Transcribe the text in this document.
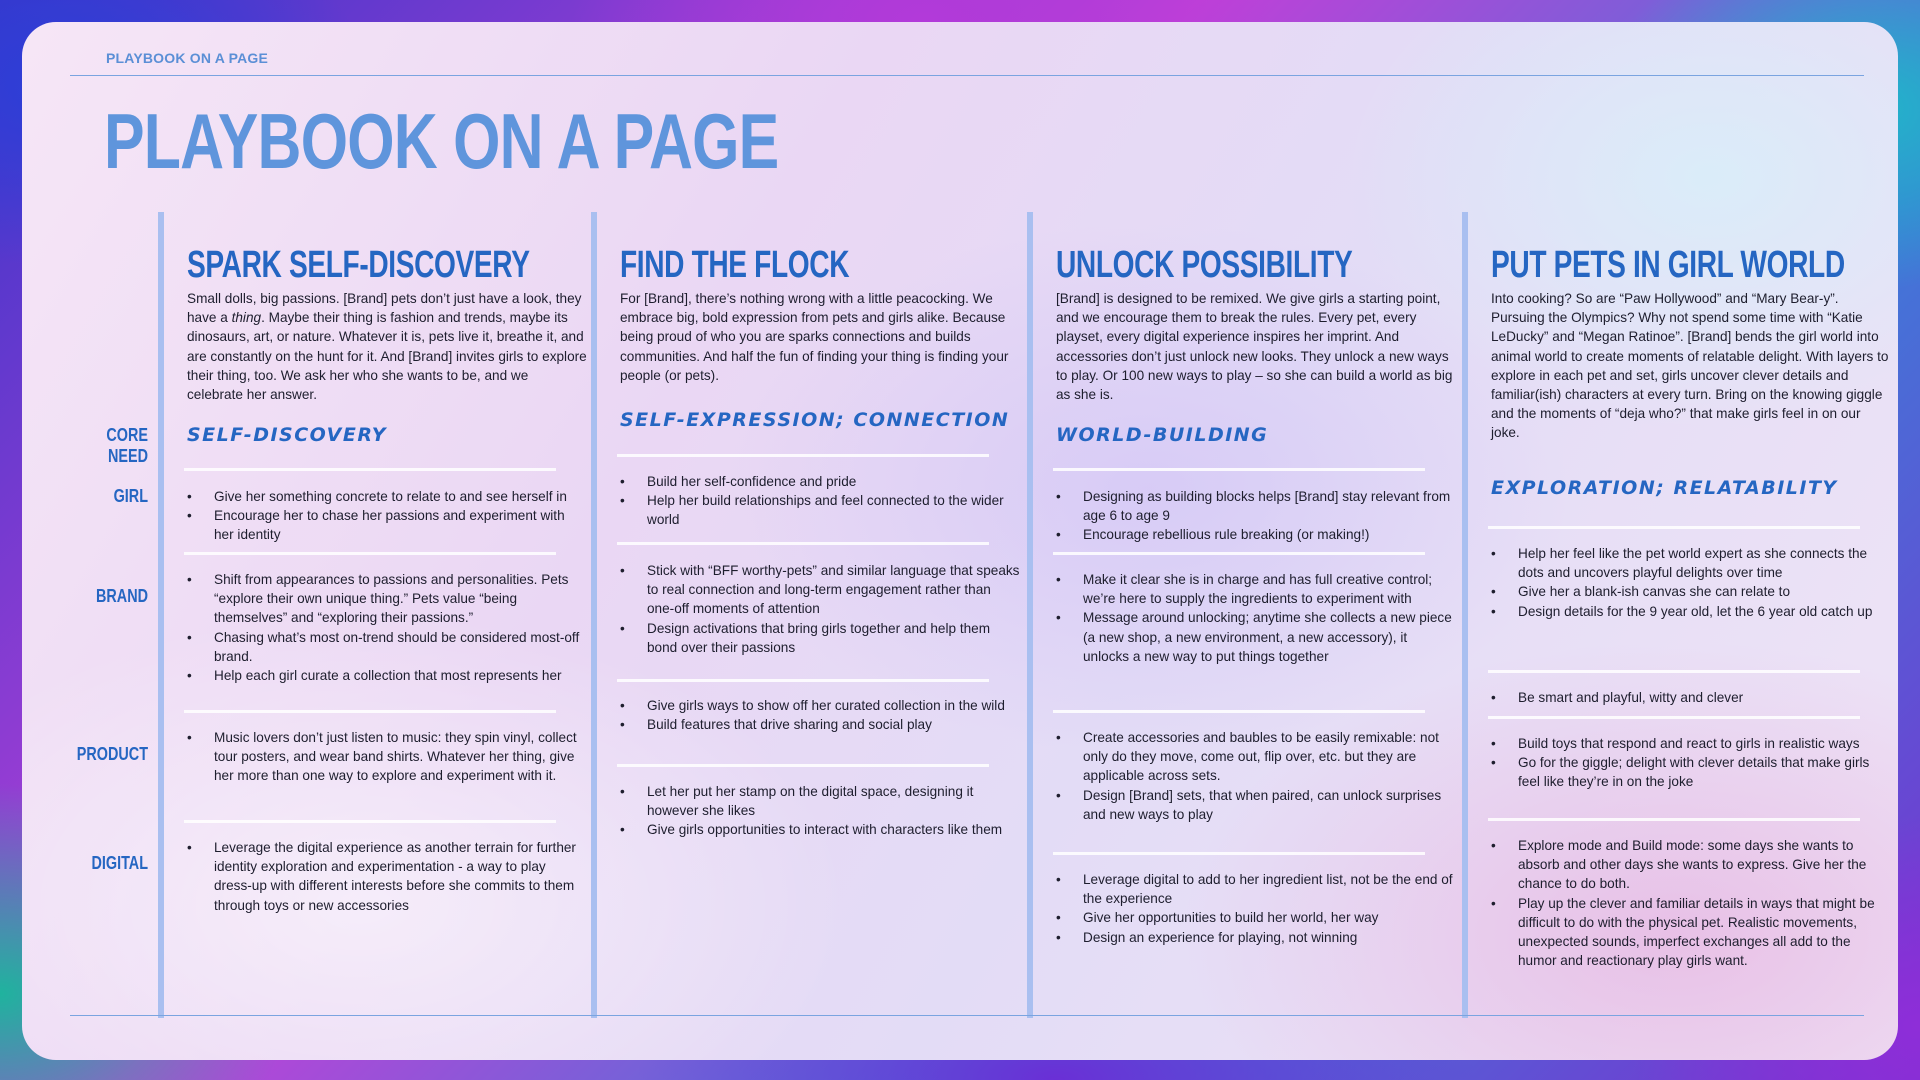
PLAYBOOK ON A PAGE
PLAYBOOK ON A PAGE
CORE NEED
GIRL
BRAND
PRODUCT
DIGITAL
SPARK SELF-DISCOVERY

Small dolls, big passions. [Brand] pets don’t just have a look, they have a thing. Maybe their thing is fashion and trends, maybe its dinosaurs, art, or nature. Whatever it is, pets live it, breathe it, and are constantly on the hunt for it. And [Brand] invites girls to explore their thing, too. We ask her who she wants to be, and we celebrate her answer.

SELF-DISCOVERY
• Give her something concrete to relate to and see herself in
• Encourage her to chase her passions and experiment with her identity
• Shift from appearances to passions and personalities. Pets “explore their own unique thing.” Pets value “being themselves” and “exploring their passions.”
• Chasing what’s most on-trend should be considered most-off brand.
• Help each girl curate a collection that most represents her
• Music lovers don’t just listen to music: they spin vinyl, collect tour posters, and wear band shirts. Whatever her thing, give her more than one way to explore and experiment with it.
• Leverage the digital experience as another terrain for further identity exploration and experimentation - a way to play dress-up with different interests before she commits to them through toys or new accessories
FIND THE FLOCK

For [Brand], there’s nothing wrong with a little peacocking. We embrace big, bold expression from pets and girls alike. Because being proud of who you are sparks connections and builds communities. And half the fun of finding your thing is finding your people (or pets).

SELF-EXPRESSION; CONNECTION
• Build her self-confidence and pride
• Help her build relationships and feel connected to the wider world
• Stick with “BFF worthy-pets” and similar language that speaks to real connection and long-term engagement rather than one-off moments of attention
• Design activations that bring girls together and help them bond over their passions
• Give girls ways to show off her curated collection in the wild
• Build features that drive sharing and social play
• Let her put her stamp on the digital space, designing it however she likes
• Give girls opportunities to interact with characters like them
UNLOCK POSSIBILITY

[Brand] is designed to be remixed. We give girls a starting point, and we encourage them to break the rules. Every pet, every playset, every digital experience inspires her imprint. And accessories don’t just unlock new looks. They unlock a new ways to play. Or 100 new ways to play – so she can build a world as big as she is.

WORLD-BUILDING
• Designing as building blocks helps [Brand] stay relevant from age 6 to age 9
• Encourage rebellious rule breaking (or making!)
• Make it clear she is in charge and has full creative control; we’re here to supply the ingredients to experiment with
• Message around unlocking; anytime she collects a new piece (a new shop, a new environment, a new accessory), it unlocks a new way to put things together
• Create accessories and baubles to be easily remixable: not only do they move, come out, flip over, etc. but they are applicable across sets.
• Design [Brand] sets, that when paired, can unlock surprises and new ways to play
• Leverage digital to add to her ingredient list, not be the end of the experience
• Give her opportunities to build her world, her way
• Design an experience for playing, not winning
PUT PETS IN GIRL WORLD

Into cooking? So are “Paw Hollywood” and “Mary Bear-y”. Pursuing the Olympics? Why not spend some time with “Katie LeDucky” and “Megan Ratinoe”. [Brand] bends the girl world into animal world to create moments of relatable delight. With layers to explore in each pet and set, girls uncover clever details and familiar(ish) characters at every turn. Bring on the knowing giggle and the moments of “deja who?” that make girls feel in on our joke.

EXPLORATION; RELATABILITY
• Help her feel like the pet world expert as she connects the dots and uncovers playful delights over time
• Give her a blank-ish canvas she can relate to
• Design details for the 9 year old, let the 6 year old catch up
• Be smart and playful, witty and clever
• Build toys that respond and react to girls in realistic ways
• Go for the giggle; delight with clever details that make girls feel like they’re in on the joke
• Explore mode and Build mode: some days she wants to absorb and other days she wants to express. Give her the chance to do both.
• Play up the clever and familiar details in ways that might be difficult to do with the physical pet. Realistic movements, unexpected sounds, imperfect exchanges all add to the humor and reactionary play girls want.
